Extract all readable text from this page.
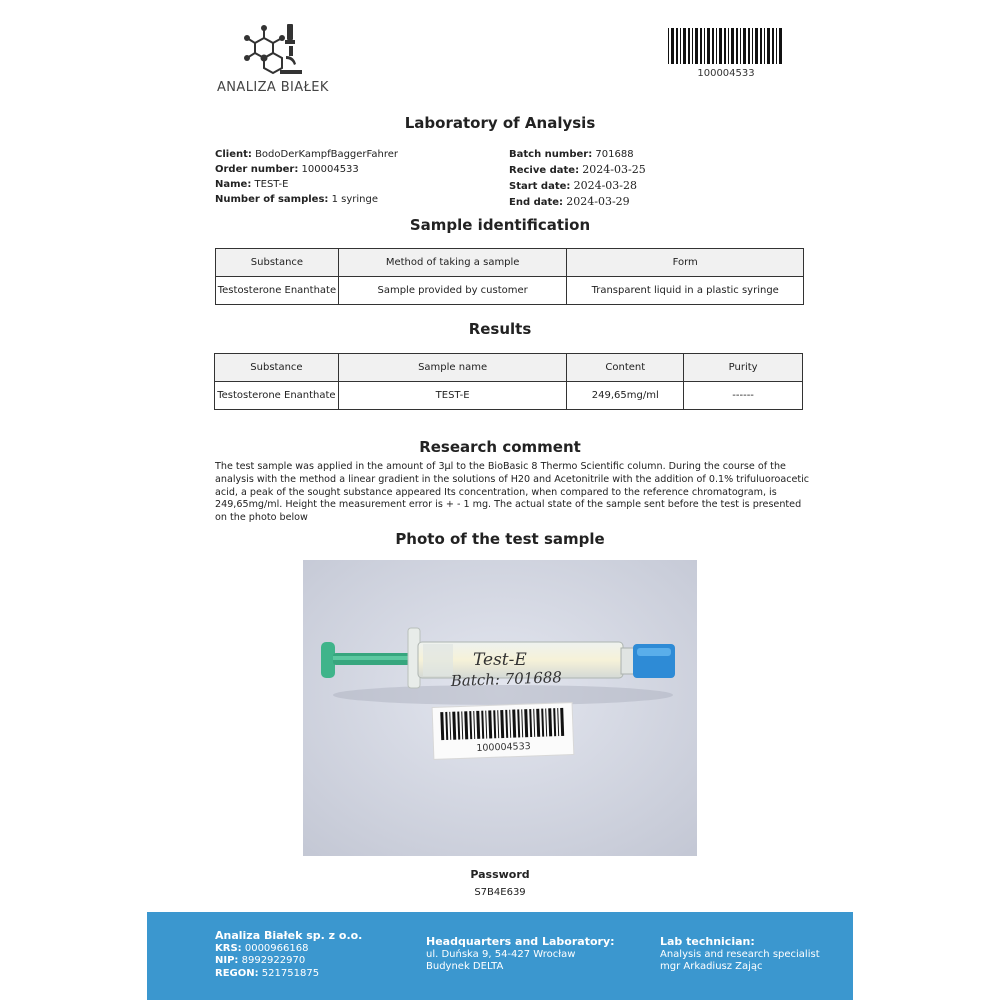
ANALIZA BIAŁEK
100004533
Laboratory of Analysis
Client: BodoDerKampfBaggerFahrer
Order number: 100004533
Name: TEST-E
Number of samples: 1 syringe
Batch number: 701688
Recive date: 2024-03-25
Start date: 2024-03-28
End date: 2024-03-29
Sample identification
Substance	Method of taking a sample	Form
Testosterone Enanthate	Sample provided by customer	Transparent liquid in a plastic syringe
Results
Substance	Sample name	Content	Purity
Testosterone Enanthate	TEST-E	249,65mg/ml	------
Research comment
The test sample was applied in the amount of 3µl to the BioBasic 8 Thermo Scientific column. During the course of the analysis with the method a linear gradient in the solutions of H20 and Acetonitrile with the addition of 0.1% trifuluoroacetic acid, a peak of the sought substance appeared Its concentration, when compared to the reference chromatogram, is 249,65mg/ml. Height the measurement error is + - 1 mg. The actual state of the sample sent before the test is presented on the photo below
Photo of the test sample
Test-E
Batch: 701688
100004533
Password
S7B4E639
Analiza Białek sp. z o.o.
KRS: 0000966168
NIP: 8992922970
REGON: 521751875
Headquarters and Laboratory:
ul. Duńska 9, 54-427 Wrocław
Budynek DELTA
Lab technician:
Analysis and research specialist
mgr Arkadiusz Zając
